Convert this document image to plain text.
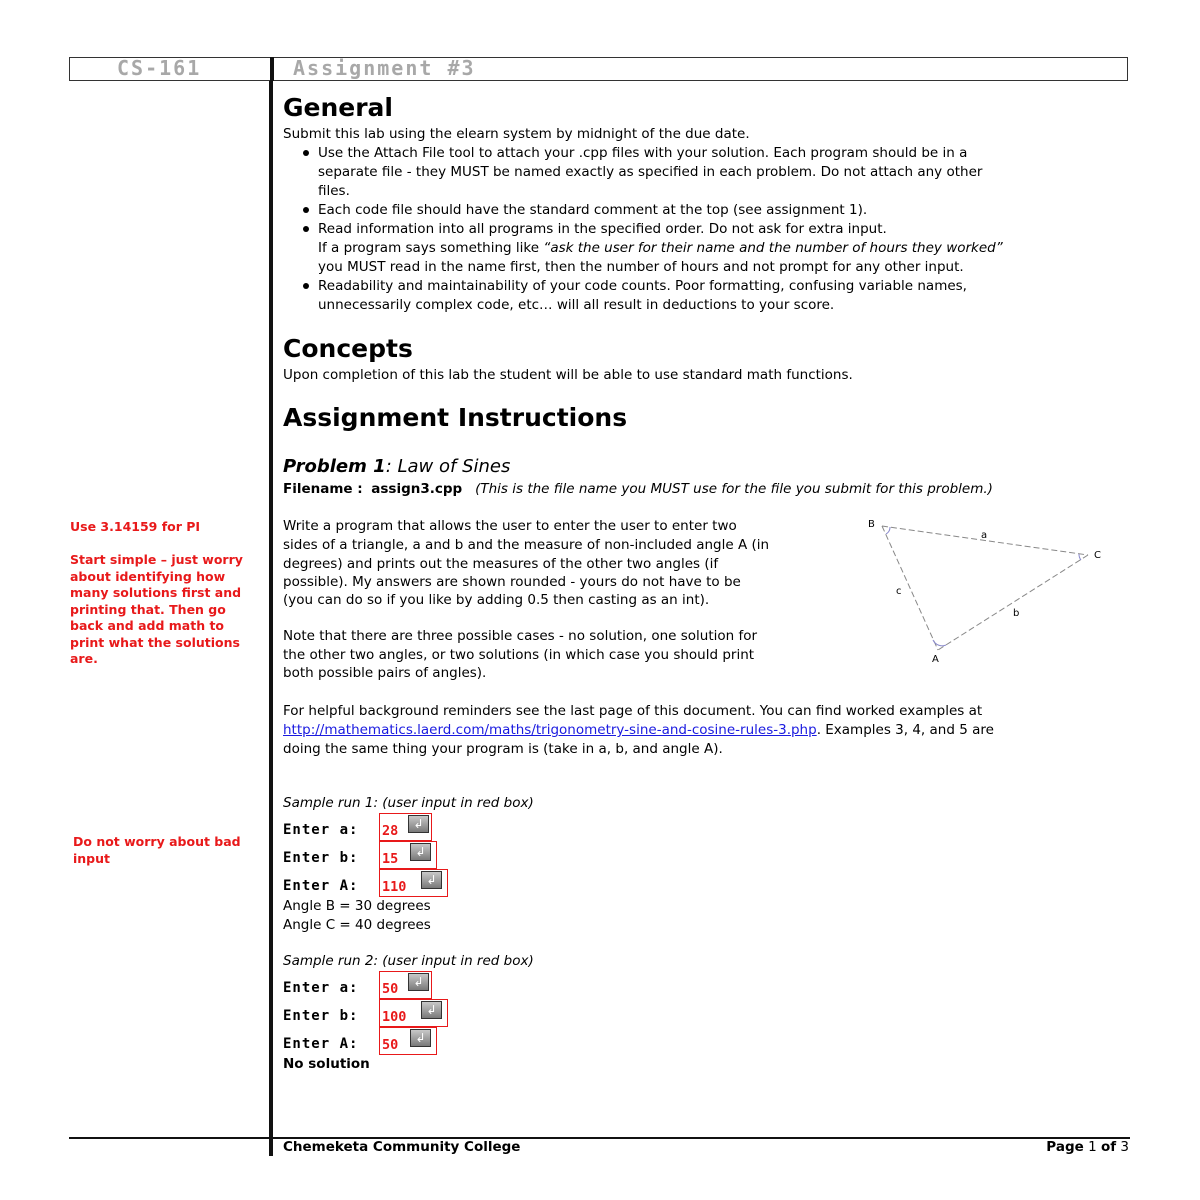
CS-161	Assignment #3
General
Submit this lab using the elearn system by midnight of the due date.
Use the Attach File tool to attach your .cpp files with your solution. Each program should be in a
separate file - they MUST be named exactly as specified in each problem. Do not attach any other
files.
Each code file should have the standard comment at the top (see assignment 1).
Read information into all programs in the specified order. Do not ask for extra input.
If a program says something like “ask the user for their name and the number of hours they worked”
you MUST read in the name first, then the number of hours and not prompt for any other input.
Readability and maintainability of your code counts. Poor formatting, confusing variable names,
unnecessarily complex code, etc… will all result in deductions to your score.
Concepts
Upon completion of this lab the student will be able to use standard math functions.
Assignment Instructions
Problem 1: Law of Sines
Filename : assign3.cpp (This is the file name you MUST use for the file you submit for this problem.)
Write a program that allows the user to enter the user to enter two
sides of a triangle, a and b and the measure of non-included angle A (in
degrees) and prints out the measures of the other two angles (if
possible). My answers are shown rounded - yours do not have to be
(you can do so if you like by adding 0.5 then casting as an int).
Note that there are three possible cases - no solution, one solution for
the other two angles, or two solutions (in which case you should print
both possible pairs of angles).
For helpful background reminders see the last page of this document. You can find worked examples at
http://mathematics.laerd.com/maths/trigonometry-sine-and-cosine-rules-3.php. Examples 3, 4, and 5 are
doing the same thing your program is (take in a, b, and angle A).
B
C
A
a
b
c
Sample run 1: (user input in red box)
Enter a: 28	↲
Enter b: 15	↲
Enter A: 110	↲
Angle B = 30 degrees
Angle C = 40 degrees
Sample run 2: (user input in red box)
Enter a: 50	↲
Enter b: 100	↲
Enter A: 50	↲
No solution
Use 3.14159 for PI
Start simple – just worry
about identifying how
many solutions first and
printing that. Then go
back and add math to
print what the solutions
are.
Do not worry about bad
input
Chemeketa Community College	Page 1 of 3
